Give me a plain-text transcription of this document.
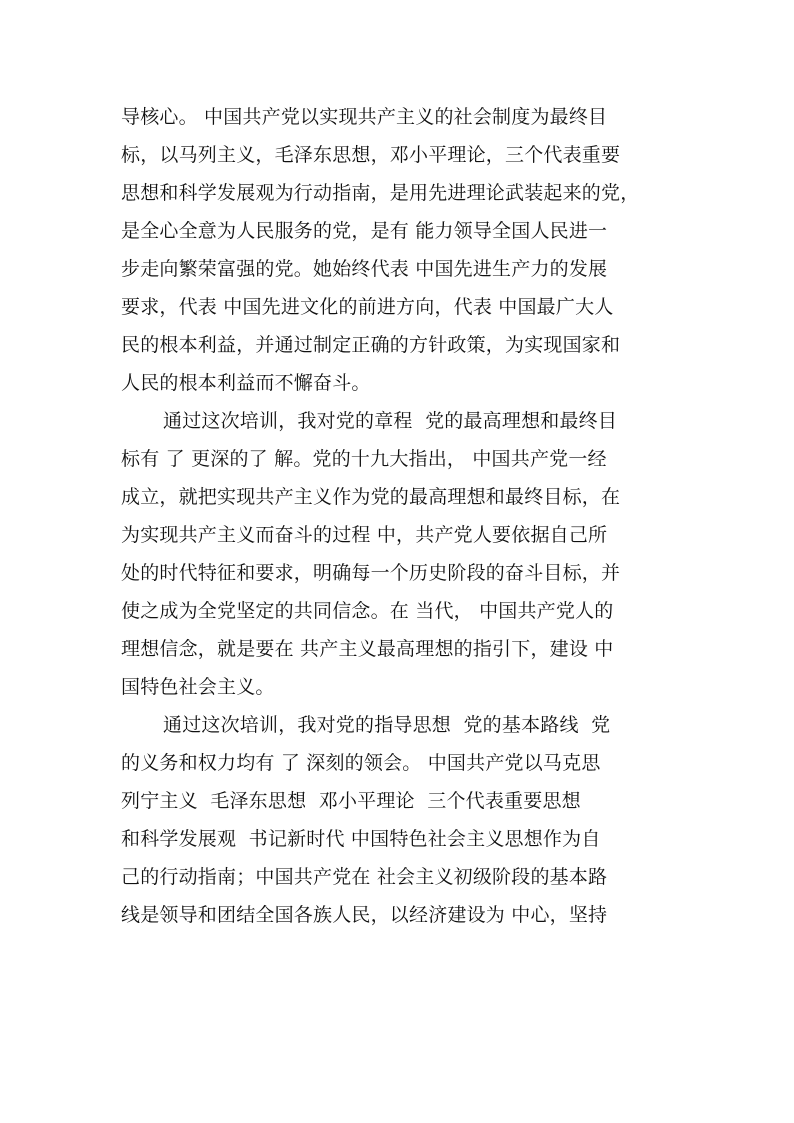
导核心。 中国共产党以实现共产主义的社会制度为最终目
标，以马列主义，毛泽东思想，邓小平理论，三个代表重要
思想和科学发展观为行动指南，是用先进理论武装起来的党，
是全心全意为人民服务的党，是有 能力领导全国人民进一
步走向繁荣富强的党。她始终代表 中国先进生产力的发展
要求，代表 中国先进文化的前进方向，代表 中国最广大人
民的根本利益，并通过制定正确的方针政策，为实现国家和
人民的根本利益而不懈奋斗。
通过这次培训，我对党的章程  党的最高理想和最终目
标有 了 更深的了 解。党的十九大指出， 中国共产党一经
成立，就把实现共产主义作为党的最高理想和最终目标，在
为实现共产主义而奋斗的过程 中，共产党人要依据自己所
处的时代特征和要求，明确每一个历史阶段的奋斗目标，并
使之成为全党坚定的共同信念。在 当代， 中国共产党人的
理想信念，就是要在 共产主义最高理想的指引下，建设 中
国特色社会主义。
通过这次培训，我对党的指导思想  党的基本路线  党
的义务和权力均有 了 深刻的领会。 中国共产党以马克思
列宁主义  毛泽东思想  邓小平理论  三个代表重要思想
和科学发展观  书记新时代 中国特色社会主义思想作为自
己的行动指南；中国共产党在 社会主义初级阶段的基本路
线是领导和团结全国各族人民，以经济建设为 中心，坚持
